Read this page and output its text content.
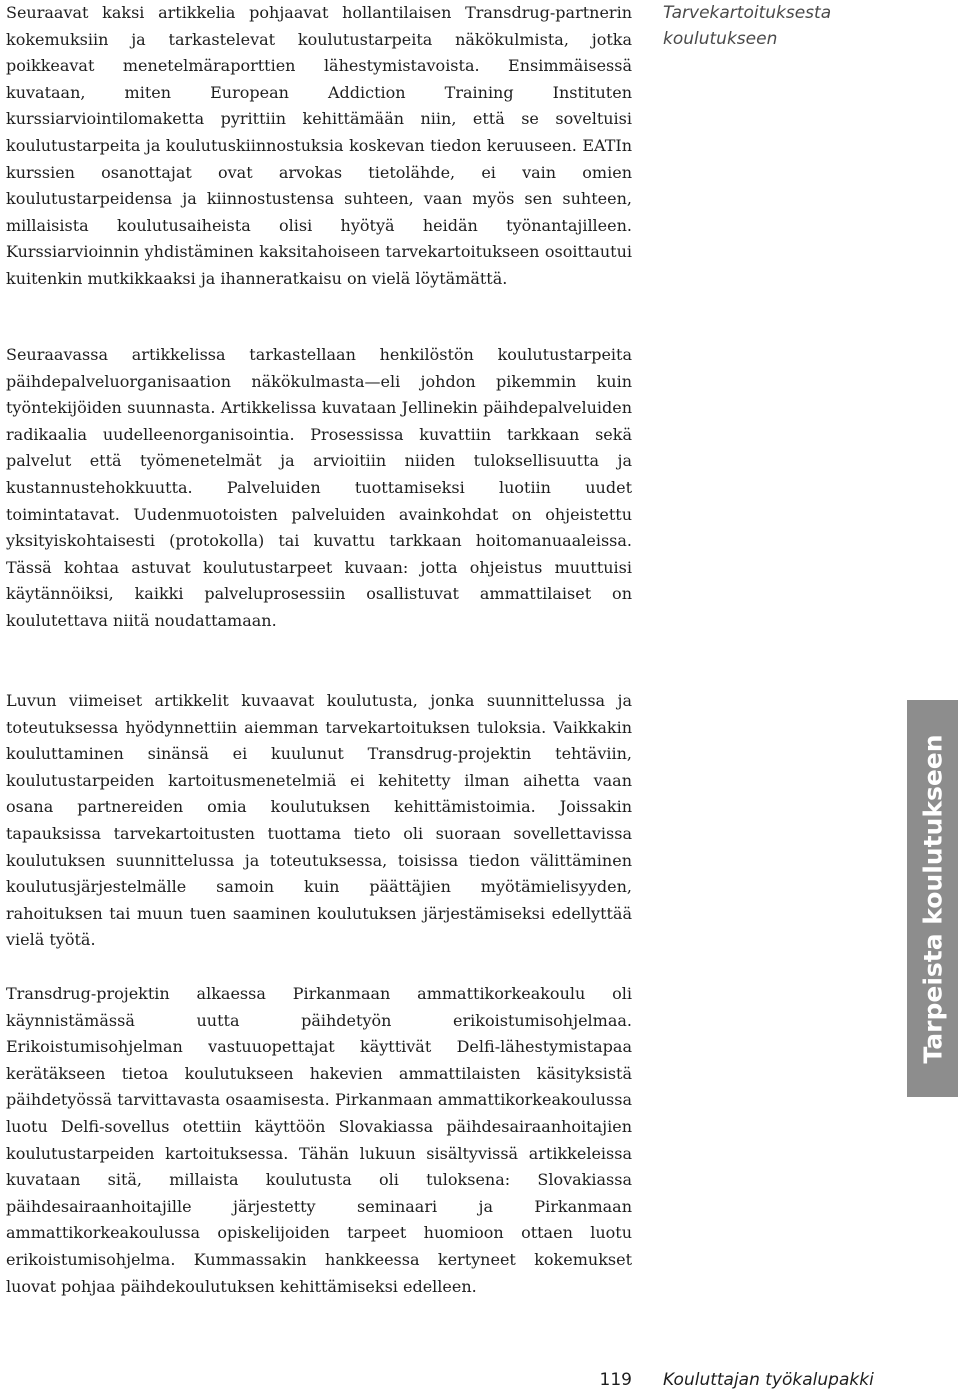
Seuraavat kaksi artikkelia pohjaavat hollantilaisen Transdrug-partnerin kokemuksiin ja tarkastelevat koulutustarpeita näkökulmista, jotka poikkeavat menetelmäraporttien lähestymistavoista. Ensimmäisessä kuvataan, miten European Addiction Training Instituten kurssiarviointilomaketta pyrittiin kehittämään niin, että se soveltuisi koulutustarpeita ja koulutuskiinnostuksia koskevan tiedon keruuseen. EATIn kurssien osanottajat ovat arvokas tietolähde, ei vain omien koulutustarpeidensa ja kiinnostustensa suhteen, vaan myös sen suhteen, millaisista koulutusaiheista olisi hyötyä heidän työnantajilleen. Kurssiarvioinnin yhdistäminen kaksitahoiseen tarvekartoitukseen osoittautui kuitenkin mutkikkaaksi ja ihanneratkaisu on vielä löytämättä.

Seuraavassa artikkelissa tarkastellaan henkilöstön koulutustarpeita päihdepalveluorganisaation näkökulmasta—eli johdon pikemmin kuin työntekijöiden suunnasta. Artikkelissa kuvataan Jellinekin päihdepalveluiden radikaalia uudelleenorganisointia. Prosessissa kuvattiin tarkkaan sekä palvelut että työmenetelmät ja arvioitiin niiden tuloksellisuutta ja kustannustehokkuutta. Palveluiden tuottamiseksi luotiin uudet toimintatavat. Uudenmuotoisten palveluiden avainkohdat on ohjeistettu yksityiskohtaisesti (protokolla) tai kuvattu tarkkaan hoitomanuaaleissa. Tässä kohtaa astuvat koulutustarpeet kuvaan: jotta ohjeistus muuttuisi käytännöiksi, kaikki palveluprosessiin osallistuvat ammattilaiset on koulutettava niitä noudattamaan.

Luvun viimeiset artikkelit kuvaavat koulutusta, jonka suunnittelussa ja toteutuksessa hyödynnettiin aiemman tarvekartoituksen tuloksia. Vaikkakin kouluttaminen sinänsä ei kuulunut Transdrug-projektin tehtäviin, koulutustarpeiden kartoitusmenetelmiä ei kehitetty ilman aihetta vaan osana partnereiden omia koulutuksen kehittämistoimia. Joissakin tapauksissa tarvekartoitusten tuottama tieto oli suoraan sovellettavissa koulutuksen suunnittelussa ja toteutuksessa, toisissa tiedon välittäminen koulutusjärjestelmälle samoin kuin päättäjien myötämielisyyden, rahoituksen tai muun tuen saaminen koulutuksen järjestämiseksi edellyttää vielä työtä.

Transdrug-projektin alkaessa Pirkanmaan ammattikorkeakoulu oli käynnistämässä uutta päihdetyön erikoistumisohjelmaa. Erikoistumisohjelman vastuuopettajat käyttivät Delfi-lähestymistapaa kerätäkseen tietoa koulutukseen hakevien ammattilaisten käsityksistä päihdetyössä tarvittavasta osaamisesta. Pirkanmaan ammattikorkeakoulussa luotu Delfi-sovellus otettiin käyttöön Slovakiassa päihdesairaanhoitajien koulutustarpeiden kartoituksessa. Tähän lukuun sisältyvissä artikkeleissa kuvataan sitä, millaista koulutusta oli tuloksena: Slovakiassa päihdesairaanhoitajille järjestetty seminaari ja Pirkanmaan ammattikorkeakoulussa opiskelijoiden tarpeet huomioon ottaen luotu erikoistumisohjelma. Kummassakin hankkeessa kertyneet kokemukset luovat pohjaa päihdekoulutuksen kehittämiseksi edelleen.

Tarvekartoituksesta koulutukseen
Tarpeista koulutukseen
119 Kouluttajan työkalupakki
